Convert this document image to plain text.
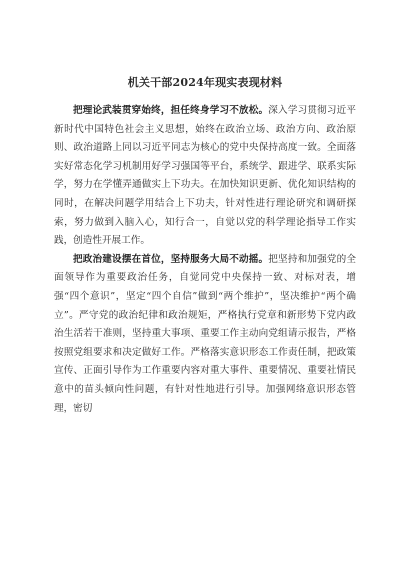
机关干部2024年现实表现材料

把理论武装贯穿始终，担任终身学习不放松。深入学习贯彻习近平新时代中国特色社会主义思想，始终在政治立场、政治方向、政治原则、政治道路上同以习近平同志为核心的党中央保持高度一致。全面落实好常态化学习机制用好学习强国等平台，系统学、跟进学、联系实际学，努力在学懂弄通做实上下功夫。在加快知识更新、优化知识结构的同时，在解决问题学用结合上下功夫，针对性进行理论研究和调研探索，努力做到入脑入心，知行合一，自觉以党的科学理论指导工作实践，创造性开展工作。

把政治建设摆在首位，坚持服务大局不动摇。把坚持和加强党的全面领导作为重要政治任务，自觉同党中央保持一致、对标对表，增强“四个意识”，坚定“四个自信”做到“两个维护”，坚决维护“两个确立”。严守党的政治纪律和政治规矩，严格执行党章和新形势下党内政治生活若干准则，坚持重大事项、重要工作主动向党组请示报告，严格按照党组要求和决定做好工作。严格落实意识形态工作责任制，把政策宣传、正面引导作为工作重要内容对重大事件、重要情况、重要社情民意中的苗头倾向性问题，有针对性地进行引导。加强网络意识形态管理，密切
